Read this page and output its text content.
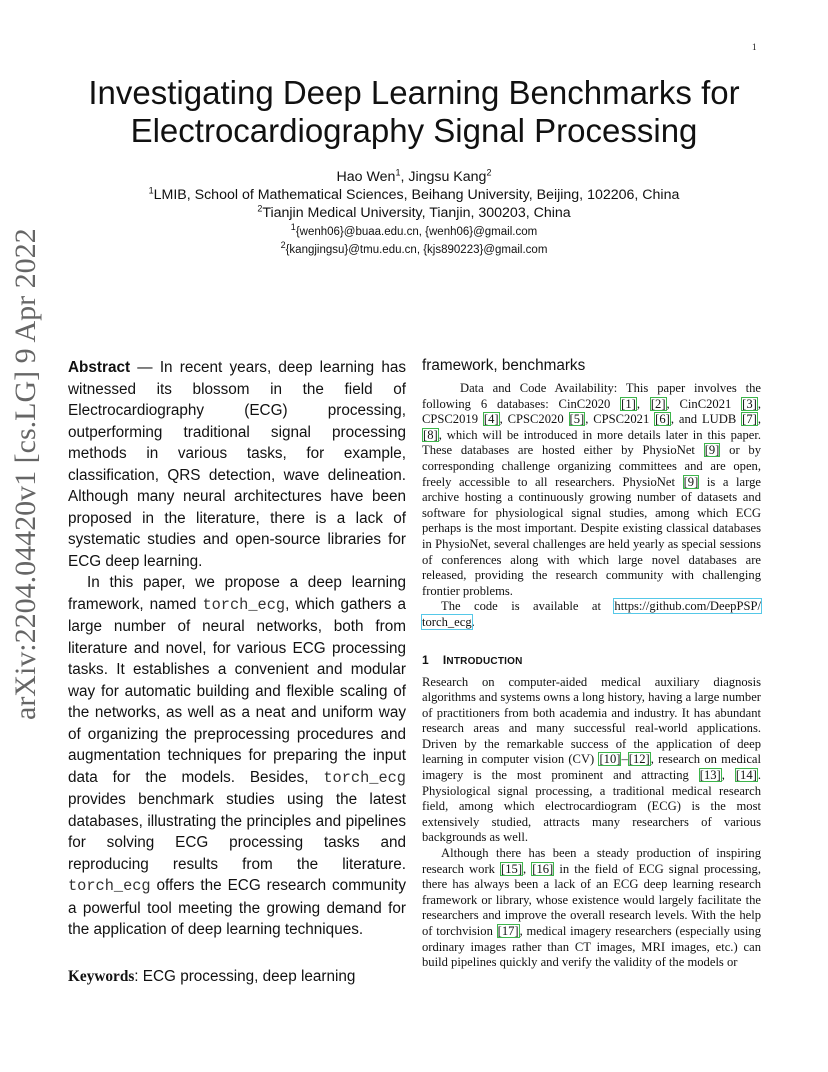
1
arXiv:2204.04420v1 [cs.LG] 9 Apr 2022
Investigating Deep Learning Benchmarks for
Electrocardiography Signal Processing
Hao Wen$^1$, Jingsu Kang$^2$
$^1$LMIB, School of Mathematical Sciences, Beihang University, Beijing, 102206, China
$^2$Tianjin Medical University, Tianjin, 300203, China
$^1${wenh06}@buaa.edu.cn, {wenh06}@gmail.com
$^2${kangjingsu}@tmu.edu.cn, {kjs890223}@gmail.com

Abstract — In recent years, deep learning has witnessed its blossom in the field of Electrocardiography (ECG) processing, outperforming traditional signal processing methods in various tasks, for example, classification, QRS detection, wave delineation. Although many neural architectures have been proposed in the literature, there is a lack of systematic studies and open-source libraries for ECG deep learning.

In this paper, we propose a deep learning framework, named torch_ecg, which gathers a large number of neural networks, both from literature and novel, for various ECG processing tasks. It establishes a convenient and modular way for automatic building and flexible scaling of the networks, as well as a neat and uniform way of organizing the preprocessing procedures and augmentation techniques for preparing the input data for the models. Besides, torch_ecg provides benchmark studies using the latest databases, illustrating the principles and pipelines for solving ECG processing tasks and reproducing results from the literature. torch_ecg offers the ECG research community a powerful tool meeting the growing demand for the application of deep learning techniques.

Keywords: ECG processing, deep learning

framework, benchmarks

Data and Code Availability: This paper involves the following 6 databases: CinC2020 [1], [2], CinC2021 [3], CPSC2019 [4], CPSC2020 [5], CPSC2021 [6], and LUDB [7], [8], which will be introduced in more details later in this paper. These databases are hosted either by PhysioNet [9] or by corresponding challenge organizing committees and are open, freely accessible to all researchers. PhysioNet [9] is a large archive hosting a continuously growing number of datasets and software for physiological signal studies, among which ECG perhaps is the most important. Despite existing classical databases in PhysioNet, several challenges are held yearly as special sessions of conferences along with which large novel databases are released, providing the research community with challenging frontier problems.

The code is available at https://github.com/DeepPSP/ torch_ecg.

1 INTRODUCTION

Research on computer-aided medical auxiliary diagnosis algorithms and systems owns a long history, having a large number of practitioners from both academia and industry. It has abundant research areas and many successful real-world applications. Driven by the remarkable success of the application of deep learning in computer vision (CV) [10]–[12], research on medical imagery is the most prominent and attracting [13], [14]. Physiological signal processing, a traditional medical research field, among which electrocardiogram (ECG) is the most extensively studied, attracts many researchers of various backgrounds as well.

Although there has been a steady production of inspiring research work [15], [16] in the field of ECG signal processing, there has always been a lack of an ECG deep learning research framework or library, whose existence would largely facilitate the researchers and improve the overall research levels. With the help of torchvision [17], medical imagery researchers (especially using ordinary images rather than CT images, MRI images, etc.) can build pipelines quickly and verify the validity of the models or
